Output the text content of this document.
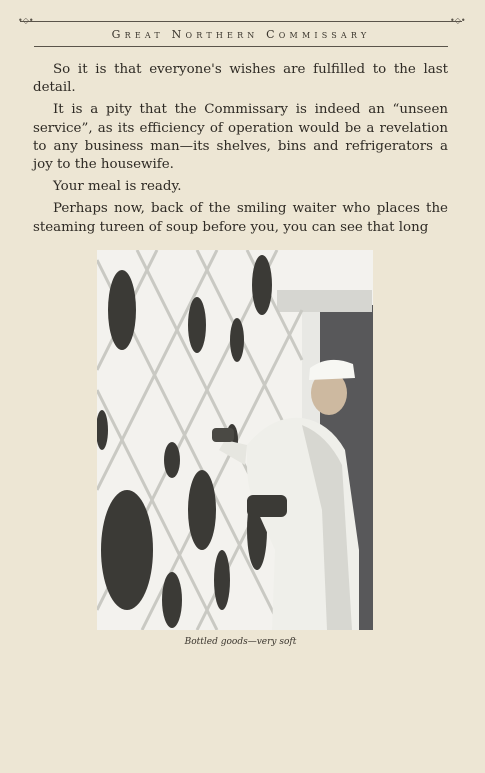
•◇•	•◇•
Great Northern Commissary

So it is that everyone's wishes are fulfilled to the last detail.

It is a pity that the Commissary is indeed an “unseen service”, as its efficiency of operation would be a revelation to any business man—its shelves, bins and refrigerators a joy to the housewife.

Your meal is ready.

Perhaps now, back of the smiling waiter who places the steaming tureen of soup before you, you can see that long

Bottled goods—very soft
